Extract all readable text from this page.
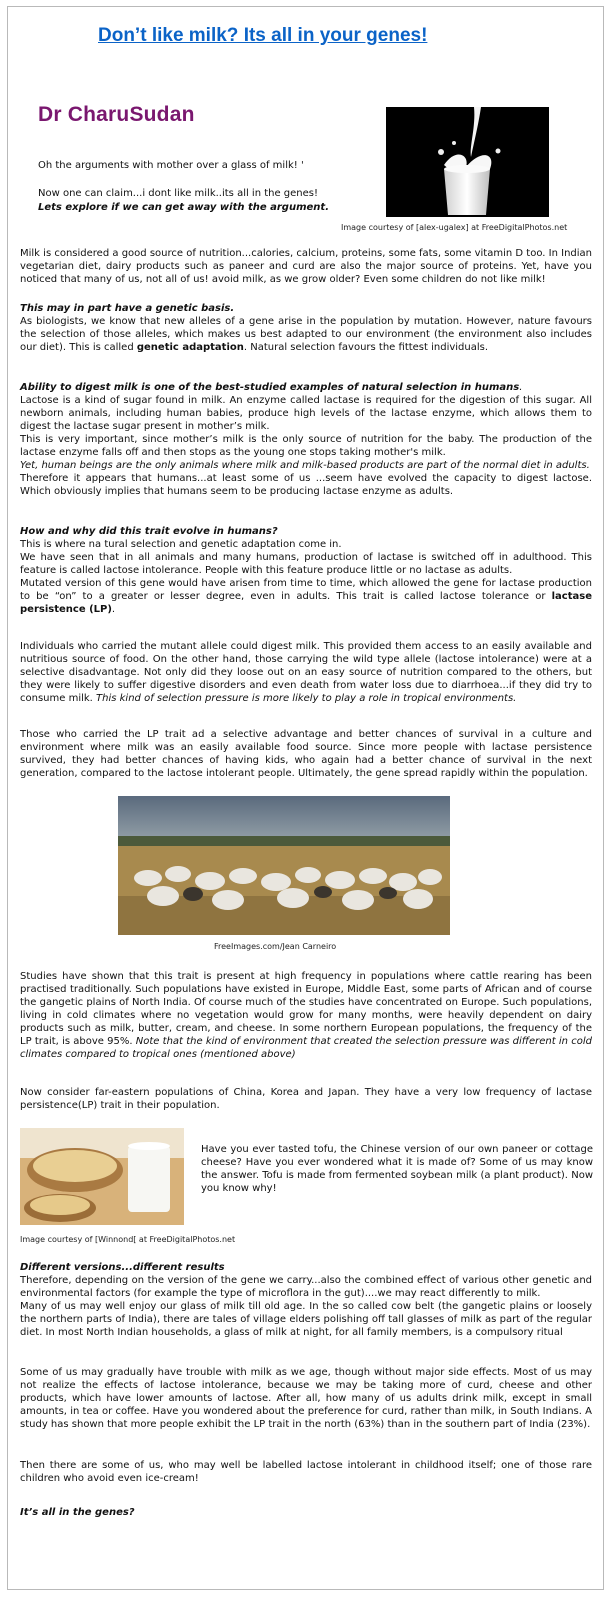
Don’t like milk? Its all in your genes!
Dr CharuSudan
Oh the arguments with mother over a glass of milk! '
Now one can claim...i dont like milk..its all in the genes!
Lets explore if we can get away with the argument.
Image courtesy of [alex-ugalex] at FreeDigitalPhotos.net

Milk is considered a good source of nutrition...calories, calcium, proteins, some fats, some vitamin D too. In Indian vegetarian diet, dairy products such as paneer and curd are also the major source of proteins. Yet, have you noticed that many of us, not all of us! avoid milk, as we grow older? Even some children do not like milk!

This may in part have a genetic basis.

As biologists, we know that new alleles of a gene arise in the population by mutation. However, nature favours the selection of those alleles, which makes us best adapted to our environment (the environment also includes our diet). This is called genetic adaptation. Natural selection favours the fittest individuals.

Ability to digest milk is one of the best-studied examples of natural selection in humans.

Lactose is a kind of sugar found in milk. An enzyme called lactase is required for the digestion of this sugar. All newborn animals, including human babies, produce high levels of the lactase enzyme, which allows them to digest the lactase sugar present in mother’s milk.

This is very important, since mother’s milk is the only source of nutrition for the baby. The production of the lactase enzyme falls off and then stops as the young one stops taking mother's milk.

Yet, human beings are the only animals where milk and milk-based products are part of the normal diet in adults.

Therefore it appears that humans...at least some of us ...seem have evolved the capacity to digest lactose. Which obviously implies that humans seem to be producing lactase enzyme as adults.

How and why did this trait evolve in humans?

This is where na tural selection and genetic adaptation come in.

We have seen that in all animals and many humans, production of lactase is switched off in adulthood. This feature is called lactose intolerance. People with this feature produce little or no lactase as adults.

Mutated version of this gene would have arisen from time to time, which allowed the gene for lactase production to be “on” to a greater or lesser degree, even in adults. This trait is called lactose tolerance or lactase persistence (LP).

Individuals who carried the mutant allele could digest milk. This provided them access to an easily available and nutritious source of food. On the other hand, those carrying the wild type allele (lactose intolerance) were at a selective disadvantage. Not only did they loose out on an easy source of nutrition compared to the others, but they were likely to suffer digestive disorders and even death from water loss due to diarrhoea...if they did try to consume milk. This kind of selection pressure is more likely to play a role in tropical environments.

Those who carried the LP trait ad a selective advantage and better chances of survival in a culture and environment where milk was an easily available food source. Since more people with lactase persistence survived, they had better chances of having kids, who again had a better chance of survival in the next generation, compared to the lactose intolerant people. Ultimately, the gene spread rapidly within the population.

FreeImages.com/Jean Carneiro

Studies have shown that this trait is present at high frequency in populations where cattle rearing has been practised traditionally. Such populations have existed in Europe, Middle East, some parts of African and of course the gangetic plains of North India. Of course much of the studies have concentrated on Europe. Such populations, living in cold climates where no vegetation would grow for many months, were heavily dependent on dairy products such as milk, butter, cream, and cheese. In some northern European populations, the frequency of the LP trait, is above 95%. Note that the kind of environment that created the selection pressure was different in cold climates compared to tropical ones (mentioned above)

Now consider far-eastern populations of China, Korea and Japan. They have a very low frequency of lactase persistence(LP) trait in their population.

Have you ever tasted tofu, the Chinese version of our own paneer or cottage cheese? Have you ever wondered what it is made of? Some of us may know the answer. Tofu is made from fermented soybean milk (a plant product). Now you know why!
Image courtesy of [Winnond[ at FreeDigitalPhotos.net

Different versions...different results

Therefore, depending on the version of the gene we carry...also the combined effect of various other genetic and environmental factors (for example the type of microflora in the gut)....we may react differently to milk.

Many of us may well enjoy our glass of milk till old age. In the so called cow belt (the gangetic plains or loosely the northern parts of India), there are tales of village elders polishing off tall glasses of milk as part of the regular diet. In most North Indian households, a glass of milk at night, for all family members, is a compulsory ritual

Some of us may gradually have trouble with milk as we age, though without major side effects. Most of us may not realize the effects of lactose intolerance, because we may be taking more of curd, cheese and other products, which have lower amounts of lactose. After all, how many of us adults drink milk, except in small amounts, in tea or coffee. Have you wondered about the preference for curd, rather than milk, in South Indians. A study has shown that more people exhibit the LP trait in the north (63%) than in the southern part of India (23%).

Then there are some of us, who may well be labelled lactose intolerant in childhood itself; one of those rare children who avoid even ice-cream!

It’s all in the genes?
